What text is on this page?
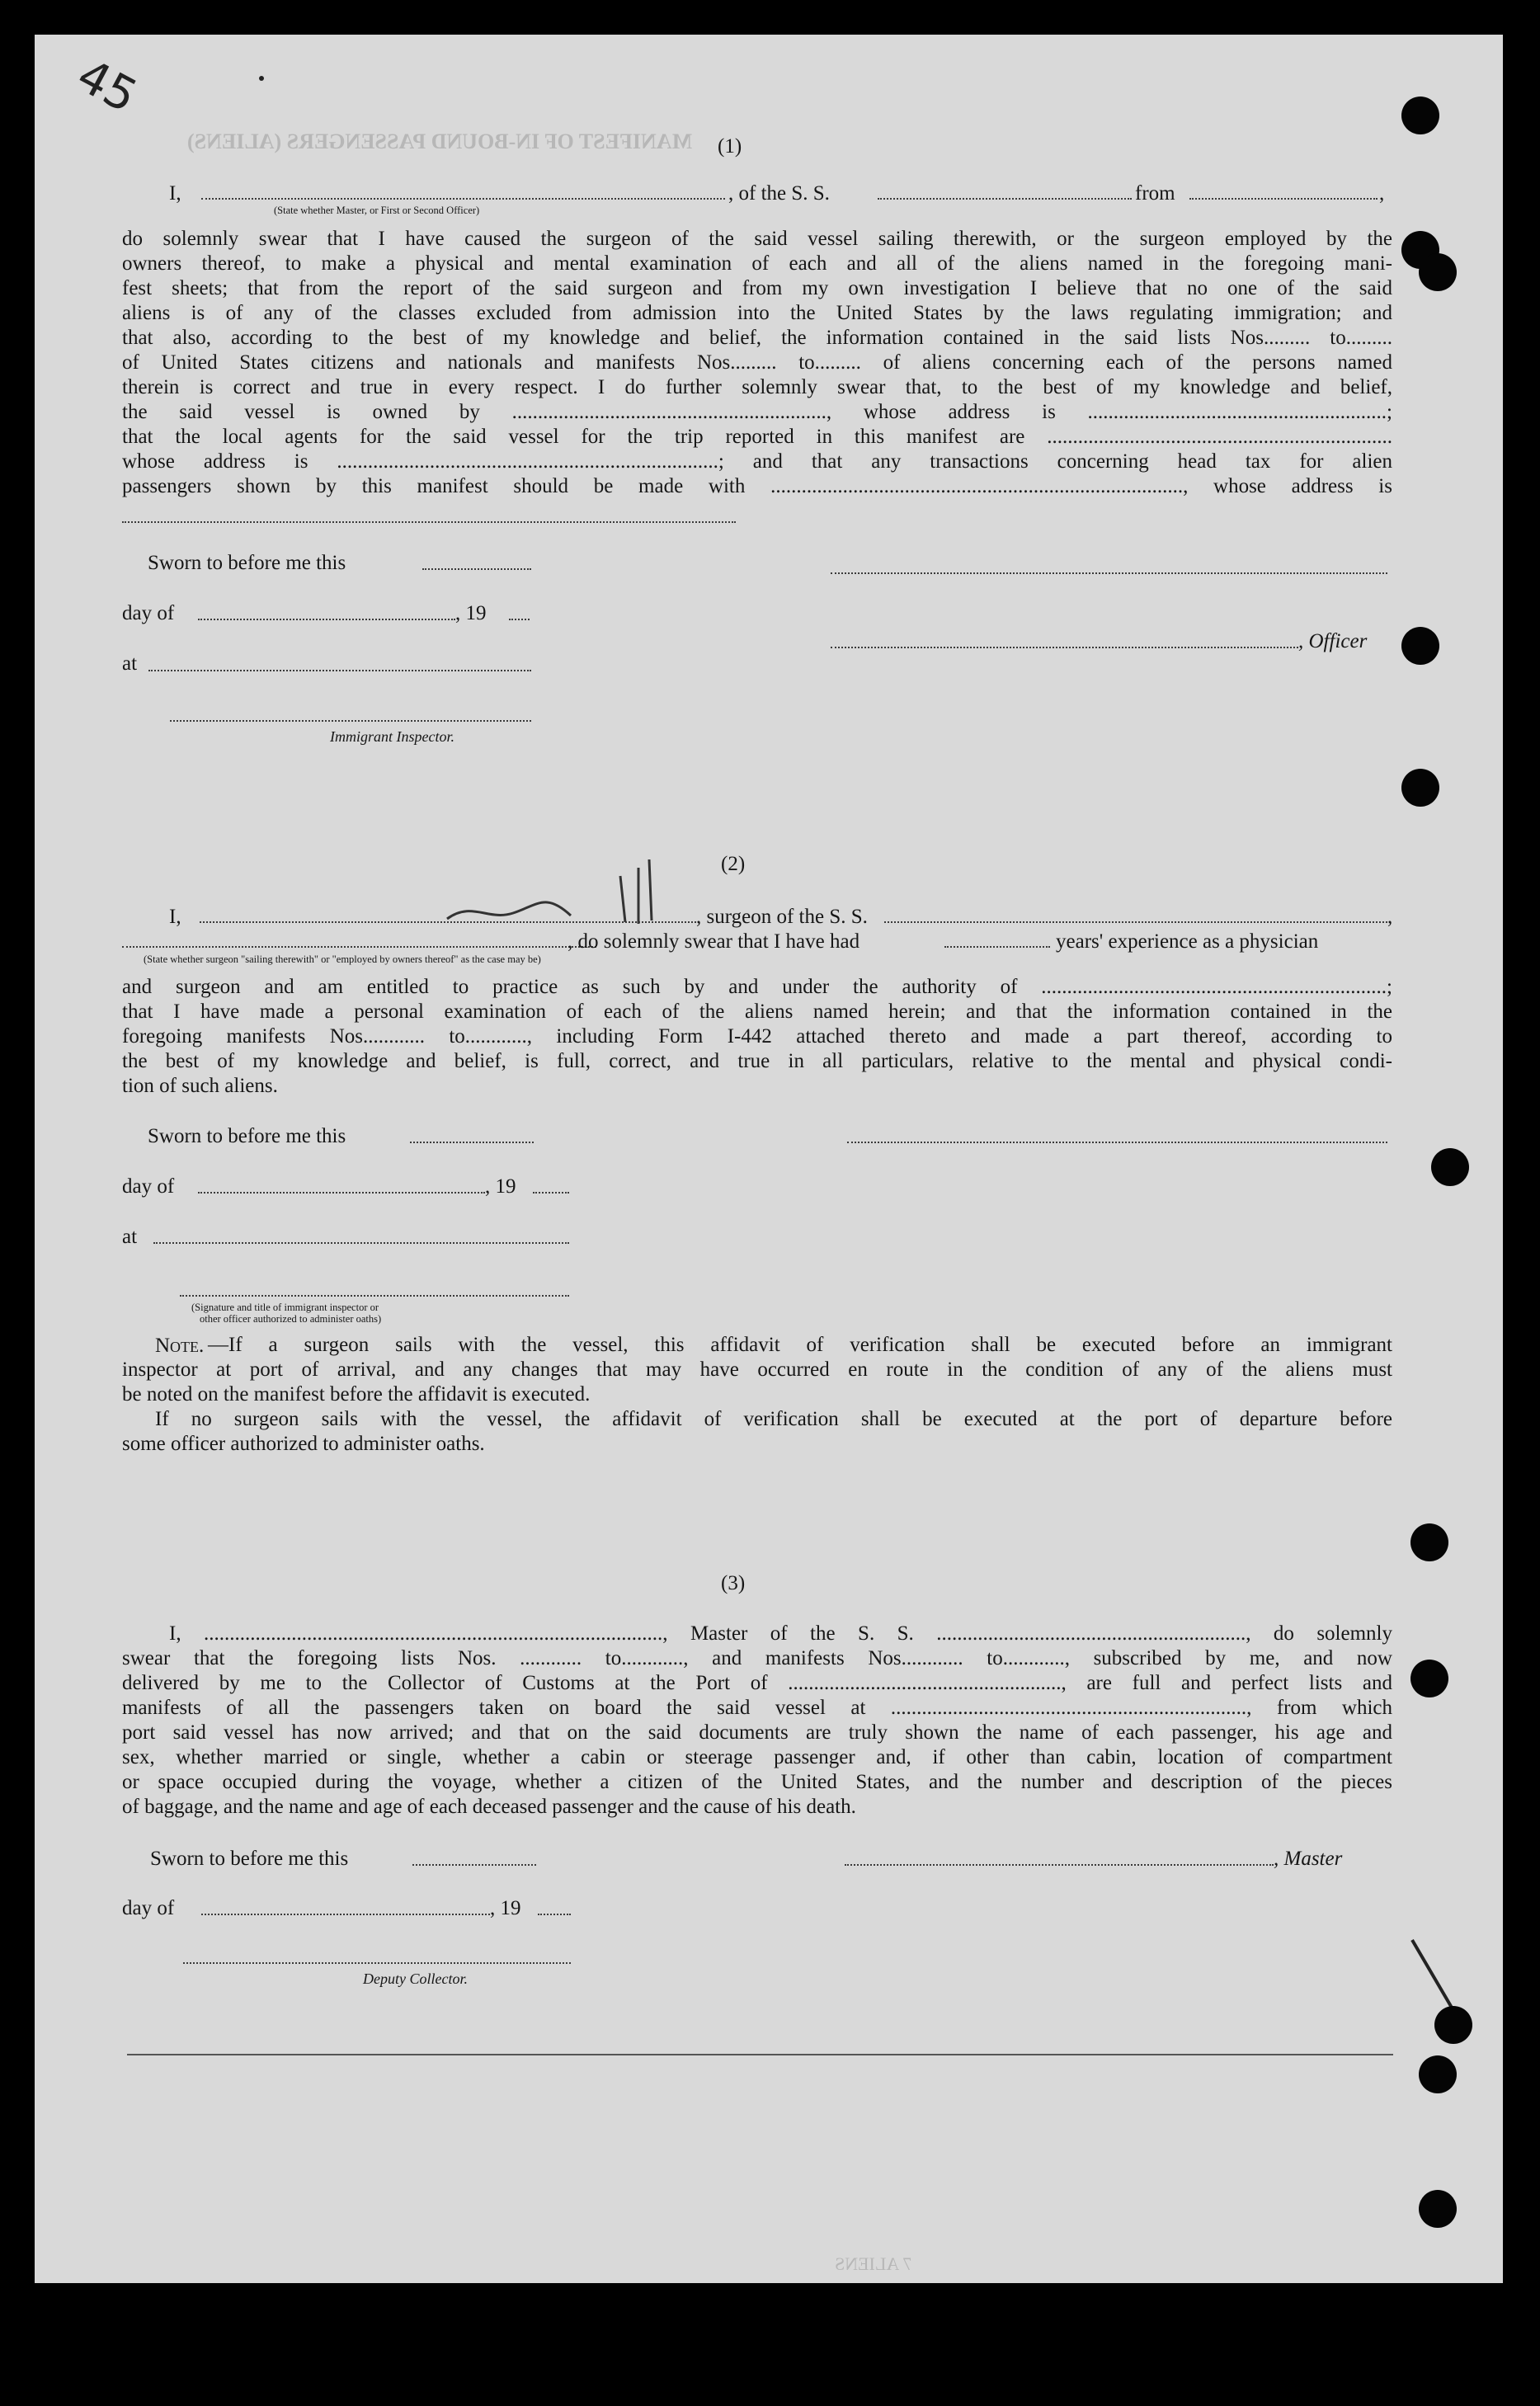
MANIFEST OF IN-BOUND PASSENGERS (ALIENS)
7 ALIENS
45
(1)
I,	, of the S. S.	from	,
(State whether Master, or First or Second Officer)
do solemnly swear that I have caused the surgeon of the said vessel sailing therewith, or the surgeon employed by the
owners thereof, to make a physical and mental examination of each and all of the aliens named in the foregoing mani-
fest sheets; that from the report of the said surgeon and from my own investigation I believe that no one of the said
aliens is of any of the classes excluded from admission into the United States by the laws regulating immigration; and
that also, according to the best of my knowledge and belief, the information contained in the said lists Nos......... to.........
of United States citizens and nationals and manifests Nos......... to......... of aliens concerning each of the persons named
therein is correct and true in every respect. I do further solemnly swear that, to the best of my knowledge and belief,
the said vessel is owned by ............................................................., whose address is ..........................................................;
that the local agents for the said vessel for the trip reported in this manifest are ...................................................................
whose address is ..........................................................................; and that any transactions concerning head tax for alien
passengers shown by this manifest should be made with ................................................................................, whose address is
Sworn to before me this
day of	, 19
at
Immigrant Inspector.
, Officer
(2)
I,	, surgeon of the S. S.	,
, do solemnly swear that I have had	years' experience as a physician
(State whether surgeon "sailing therewith" or "employed by owners thereof" as the case may be)
and surgeon and am entitled to practice as such by and under the authority of ...................................................................;
that I have made a personal examination of each of the aliens named herein; and that the information contained in the
foregoing manifests Nos............ to............, including Form I-442 attached thereto and made a part thereof, according to
the best of my knowledge and belief, is full, correct, and true in all particulars, relative to the mental and physical condi-
tion of such aliens.
Sworn to before me this
day of	, 19
at
(Signature and title of immigrant inspector or
other officer authorized to administer oaths)
Note. —If a surgeon sails with the vessel, this affidavit of verification shall be executed before an immigrant
inspector at port of arrival, and any changes that may have occurred en route in the condition of any of the aliens must
be noted on the manifest before the affidavit is executed.
If no surgeon sails with the vessel, the affidavit of verification shall be executed at the port of departure before
some officer authorized to administer oaths.
(3)
I, ........................................................................................., Master of the S. S. ............................................................, do solemnly
swear that the foregoing lists Nos. ............ to............, and manifests Nos............ to............, subscribed by me, and now
delivered by me to the Collector of Customs at the Port of ....................................................., are full and perfect lists and
manifests of all the passengers taken on board the said vessel at ....................................................................., from which
port said vessel has now arrived; and that on the said documents are truly shown the name of each passenger, his age and
sex, whether married or single, whether a cabin or steerage passenger and, if other than cabin, location of compartment
or space occupied during the voyage, whether a citizen of the United States, and the number and description of the pieces
of baggage, and the name and age of each deceased passenger and the cause of his death.
Sworn to before me this	, Master
day of	, 19
Deputy Collector.
